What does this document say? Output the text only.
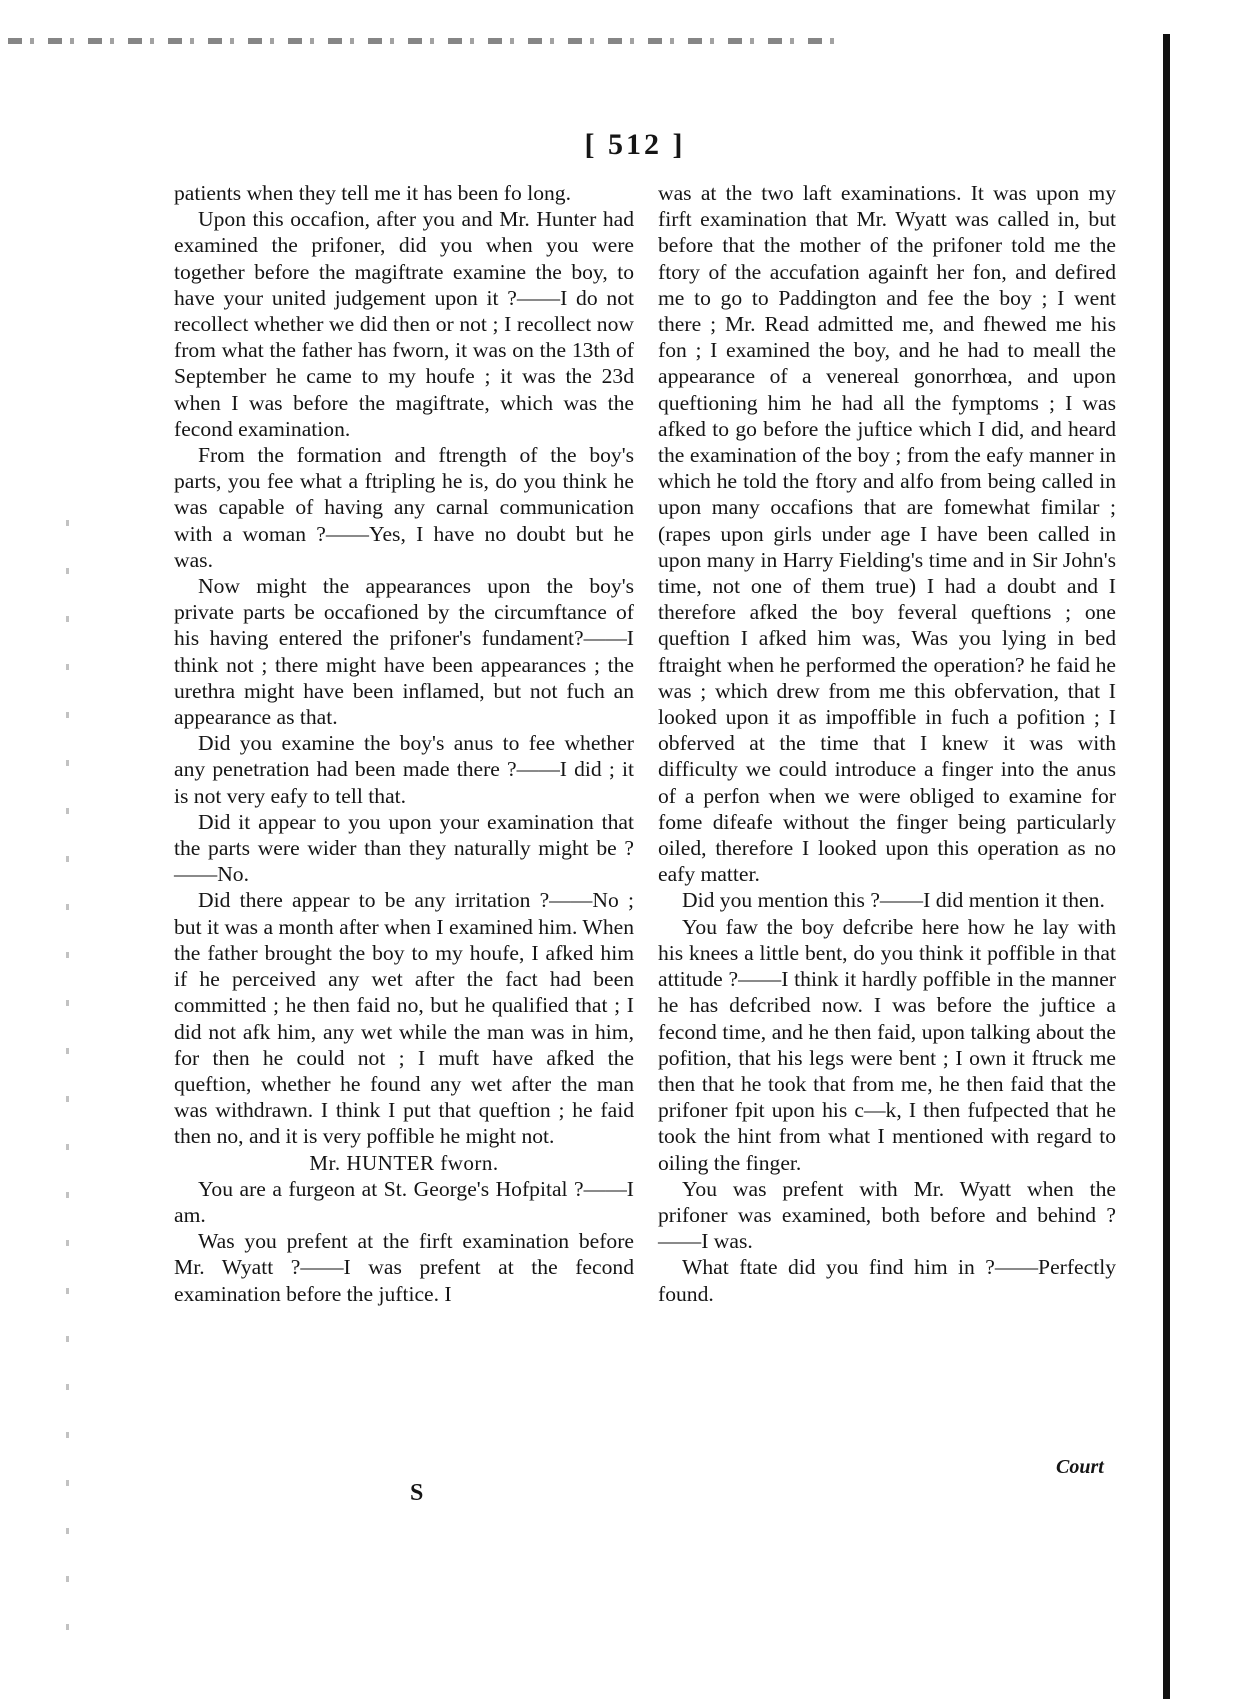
[ 512 ]

patients when they tell me it has been fo long.

Upon this occafion, after you and Mr. Hunter had examined the prifoner, did you when you were together before the magiftrate examine the boy, to have your united judgement upon it ?——I do not recollect whether we did then or not ; I recollect now from what the father has fworn, it was on the 13th of September he came to my houfe ; it was the 23d when I was before the magiftrate, which was the fecond examination.

From the formation and ftrength of the boy's parts, you fee what a ftripling he is, do you think he was capable of having any carnal communication with a woman ?——Yes, I have no doubt but he was.

Now might the appearances upon the boy's private parts be occafioned by the circumftance of his having entered the prifoner's fundament?——I think not ; there might have been appearances ; the urethra might have been inflamed, but not fuch an appearance as that.

Did you examine the boy's anus to fee whether any penetration had been made there ?——I did ; it is not very eafy to tell that.

Did it appear to you upon your examination that the parts were wider than they naturally might be ?——No.

Did there appear to be any irritation ?——No ; but it was a month after when I examined him. When the father brought the boy to my houfe, I afked him if he perceived any wet after the fact had been committed ; he then faid no, but he qualified that ; I did not afk him, any wet while the man was in him, for then he could not ; I muft have afked the queftion, whether he found any wet after the man was withdrawn. I think I put that queftion ; he faid then no, and it is very poffible he might not.

Mr. HUNTER fworn.

You are a furgeon at St. George's Hofpital ?——I am.

Was you prefent at the firft examination before Mr. Wyatt ?——I was prefent at the fecond examination before the juftice. I

was at the two laft examinations. It was upon my firft examination that Mr. Wyatt was called in, but before that the mother of the prifoner told me the ftory of the accufation againft her fon, and defired me to go to Paddington and fee the boy ; I went there ; Mr. Read admitted me, and fhewed me his fon ; I examined the boy, and he had to meall the appearance of a venereal gonorrhœa, and upon queftioning him he had all the fymptoms ; I was afked to go before the juftice which I did, and heard the examination of the boy ; from the eafy manner in which he told the ftory and alfo from being called in upon many occafions that are fomewhat fimilar ; (rapes upon girls under age I have been called in upon many in Harry Fielding's time and in Sir John's time, not one of them true) I had a doubt and I therefore afked the boy feveral queftions ; one queftion I afked him was, Was you lying in bed ftraight when he performed the operation? he faid he was ; which drew from me this obfervation, that I looked upon it as impoffible in fuch a pofition ; I obferved at the time that I knew it was with difficulty we could introduce a finger into the anus of a perfon when we were obliged to examine for fome difeafe without the finger being particularly oiled, therefore I looked upon this operation as no eafy matter.

Did you mention this ?——I did mention it then.

You faw the boy defcribe here how he lay with his knees a little bent, do you think it poffible in that attitude ?——I think it hardly poffible in the manner he has defcribed now. I was before the juftice a fecond time, and he then faid, upon talking about the pofition, that his legs were bent ; I own it ftruck me then that he took that from me, he then faid that the prifoner fpit upon his c—k, I then fufpected that he took the hint from what I mentioned with regard to oiling the finger.

You was prefent with Mr. Wyatt when the prifoner was examined, both before and behind ?——I was.

What ftate did you find him in ?——Perfectly found.

Court
S
